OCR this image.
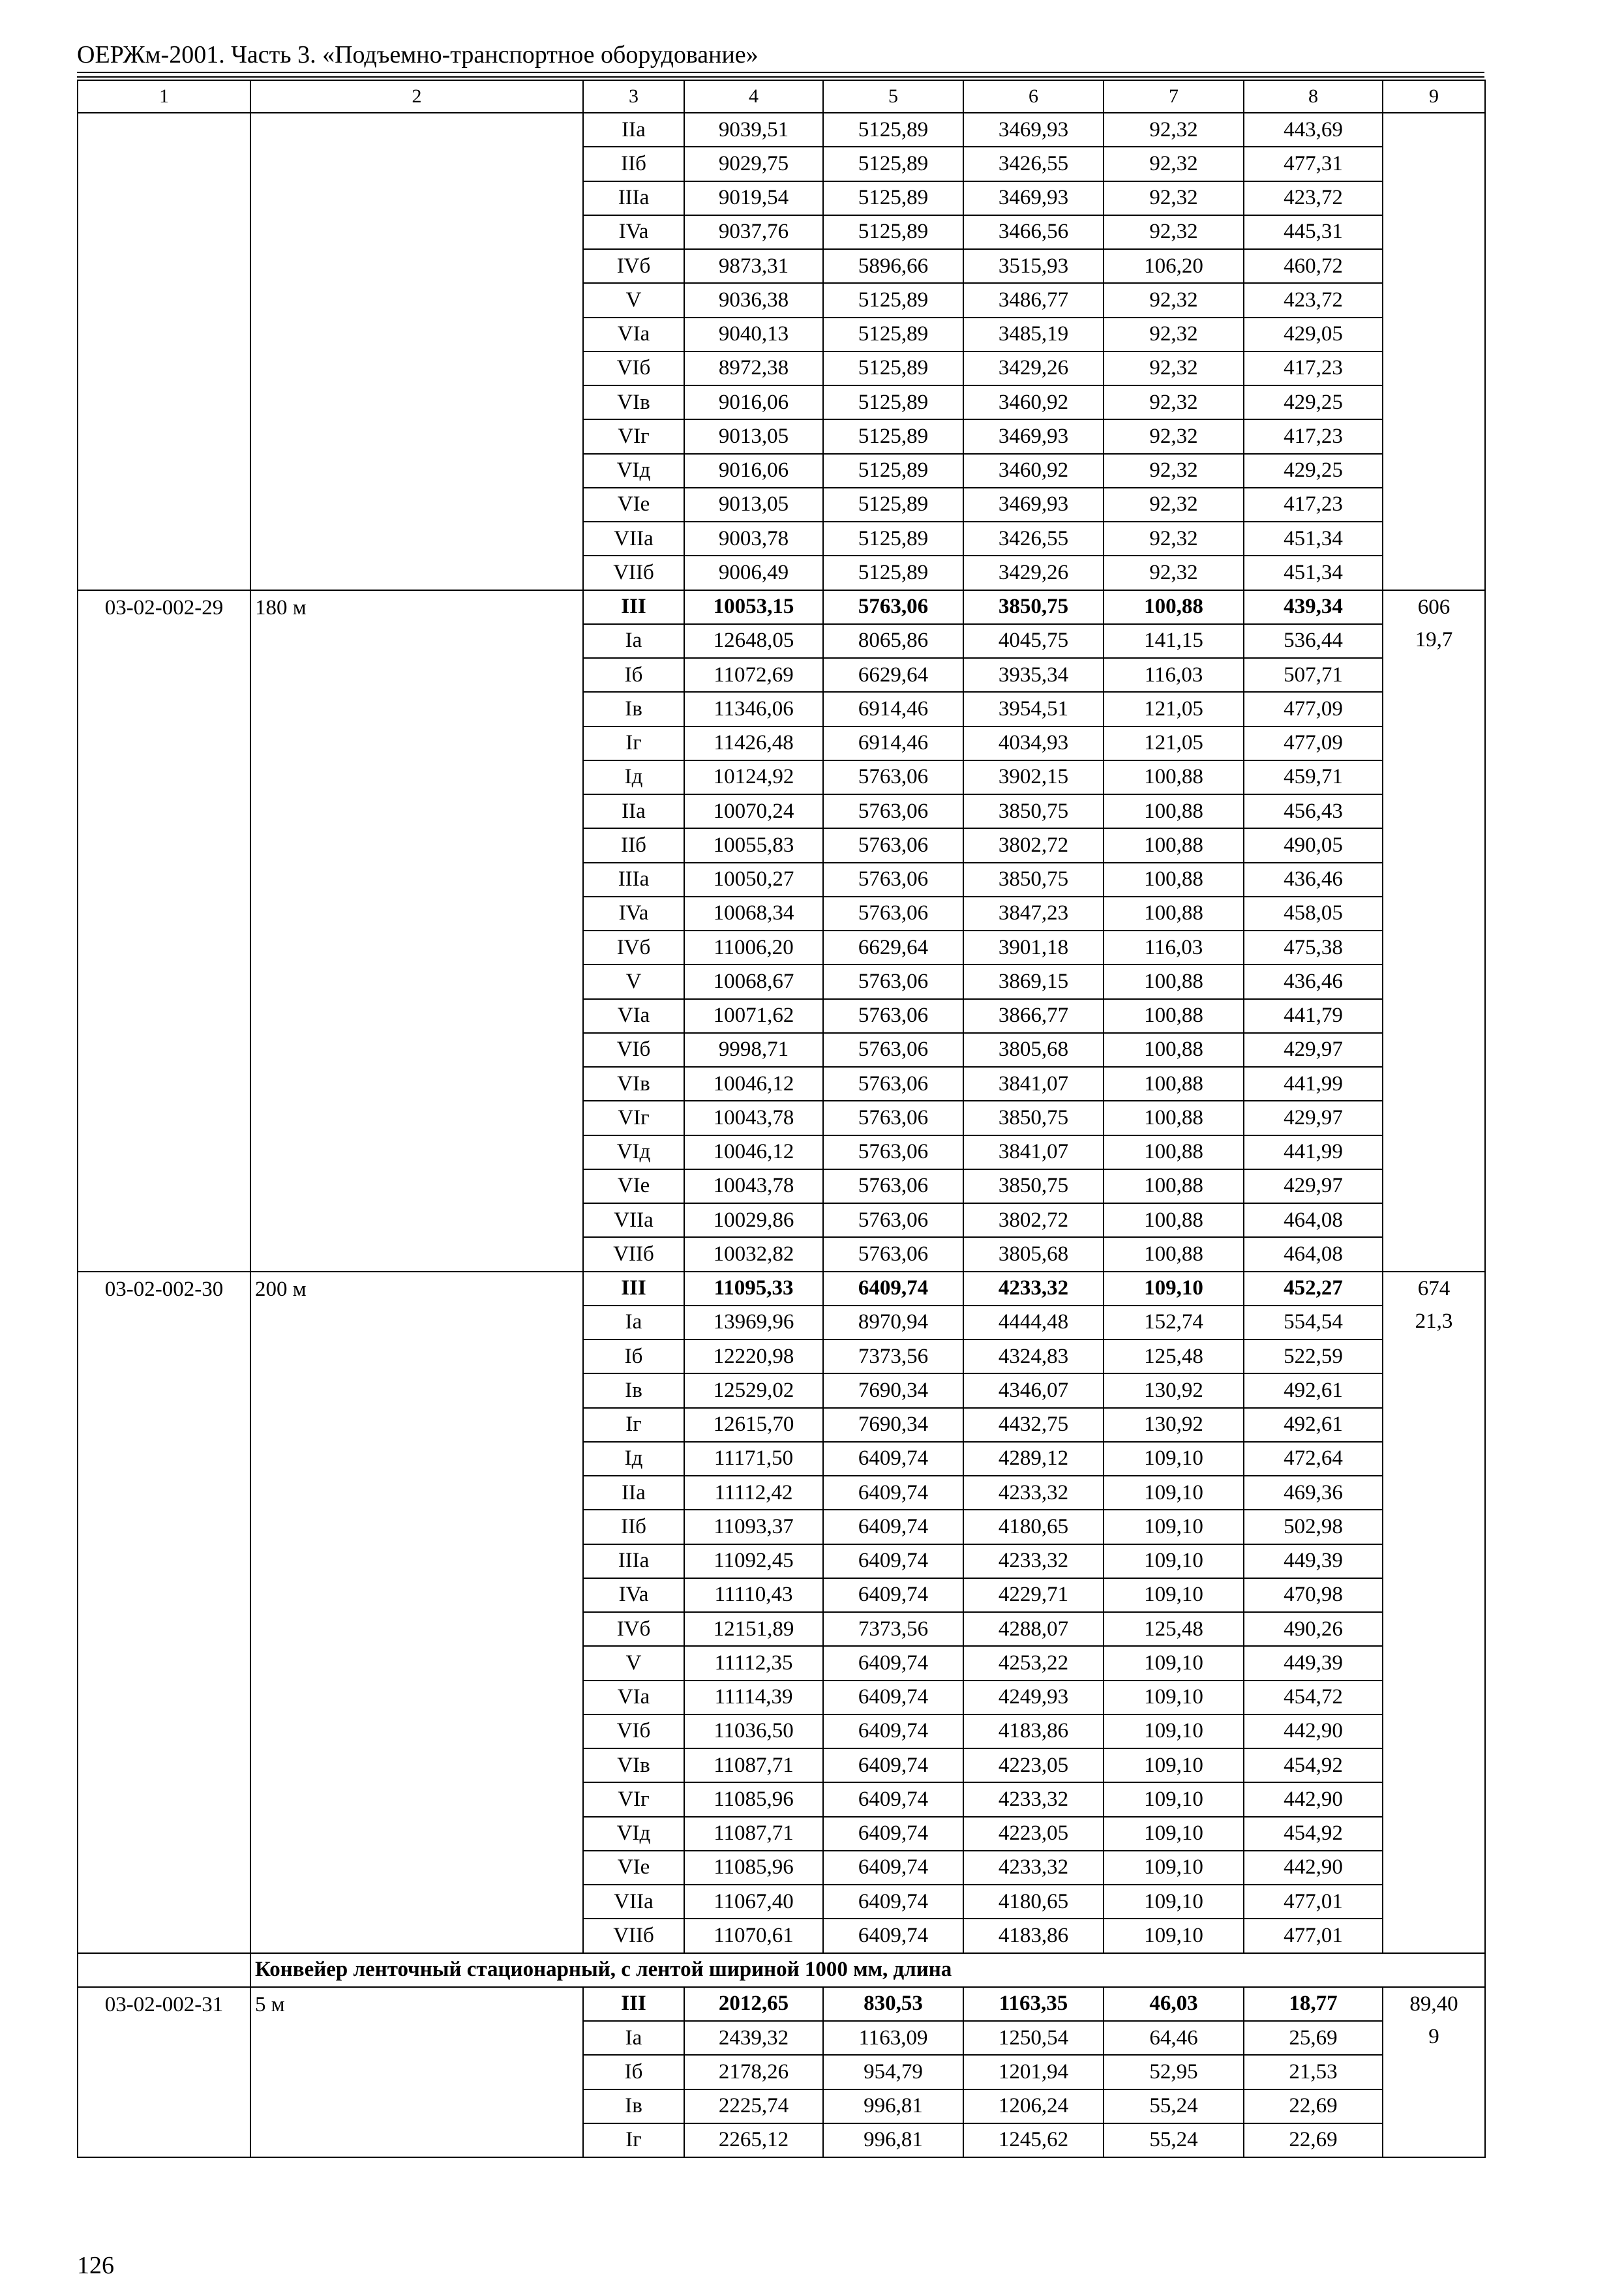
ОЕРЖм-2001. Часть 3. «Подъемно-транспортное оборудование»
1	2	3	4	5	6	7	8	9
		IIa	9039,51	5125,89	3469,93	92,32	443,69	
		IIб	9029,75	5125,89	3426,55	92,32	477,31	
		IIIa	9019,54	5125,89	3469,93	92,32	423,72	
		IVa	9037,76	5125,89	3466,56	92,32	445,31	
		IVб	9873,31	5896,66	3515,93	106,20	460,72	
		V	9036,38	5125,89	3486,77	92,32	423,72	
		VIa	9040,13	5125,89	3485,19	92,32	429,05	
		VIб	8972,38	5125,89	3429,26	92,32	417,23	
		VIв	9016,06	5125,89	3460,92	92,32	429,25	
		VIг	9013,05	5125,89	3469,93	92,32	417,23	
		VIд	9016,06	5125,89	3460,92	92,32	429,25	
		VIe	9013,05	5125,89	3469,93	92,32	417,23	
		VIIa	9003,78	5125,89	3426,55	92,32	451,34	
		VIIб	9006,49	5125,89	3429,26	92,32	451,34	
03-02-002-29	180 м	III	10053,15	5763,06	3850,75	100,88	439,34	606
19,7

		Ia	12648,05	8065,86	4045,75	141,15	536,44	
		Iб	11072,69	6629,64	3935,34	116,03	507,71	
		Iв	11346,06	6914,46	3954,51	121,05	477,09	
		Iг	11426,48	6914,46	4034,93	121,05	477,09	
		Iд	10124,92	5763,06	3902,15	100,88	459,71	
		IIa	10070,24	5763,06	3850,75	100,88	456,43	
		IIб	10055,83	5763,06	3802,72	100,88	490,05	
		IIIa	10050,27	5763,06	3850,75	100,88	436,46	
		IVa	10068,34	5763,06	3847,23	100,88	458,05	
		IVб	11006,20	6629,64	3901,18	116,03	475,38	
		V	10068,67	5763,06	3869,15	100,88	436,46	
		VIa	10071,62	5763,06	3866,77	100,88	441,79	
		VIб	9998,71	5763,06	3805,68	100,88	429,97	
		VIв	10046,12	5763,06	3841,07	100,88	441,99	
		VIг	10043,78	5763,06	3850,75	100,88	429,97	
		VIд	10046,12	5763,06	3841,07	100,88	441,99	
		VIe	10043,78	5763,06	3850,75	100,88	429,97	
		VIIa	10029,86	5763,06	3802,72	100,88	464,08	
		VIIб	10032,82	5763,06	3805,68	100,88	464,08	
03-02-002-30	200 м	III	11095,33	6409,74	4233,32	109,10	452,27	674
21,3

		Ia	13969,96	8970,94	4444,48	152,74	554,54	
		Iб	12220,98	7373,56	4324,83	125,48	522,59	
		Iв	12529,02	7690,34	4346,07	130,92	492,61	
		Iг	12615,70	7690,34	4432,75	130,92	492,61	
		Iд	11171,50	6409,74	4289,12	109,10	472,64	
		IIa	11112,42	6409,74	4233,32	109,10	469,36	
		IIб	11093,37	6409,74	4180,65	109,10	502,98	
		IIIa	11092,45	6409,74	4233,32	109,10	449,39	
		IVa	11110,43	6409,74	4229,71	109,10	470,98	
		IVб	12151,89	7373,56	4288,07	125,48	490,26	
		V	11112,35	6409,74	4253,22	109,10	449,39	
		VIa	11114,39	6409,74	4249,93	109,10	454,72	
		VIб	11036,50	6409,74	4183,86	109,10	442,90	
		VIв	11087,71	6409,74	4223,05	109,10	454,92	
		VIг	11085,96	6409,74	4233,32	109,10	442,90	
		VIд	11087,71	6409,74	4223,05	109,10	454,92	
		VIe	11085,96	6409,74	4233,32	109,10	442,90	
		VIIa	11067,40	6409,74	4180,65	109,10	477,01	
		VIIб	11070,61	6409,74	4183,86	109,10	477,01	
	Конвейер ленточный стационарный, с лентой шириной 1000 мм, длина							
03-02-002-31	5 м	III	2012,65	830,53	1163,35	46,03	18,77	89,40
9

		Ia	2439,32	1163,09	1250,54	64,46	25,69	
		Iб	2178,26	954,79	1201,94	52,95	21,53	
		Iв	2225,74	996,81	1206,24	55,24	22,69	
		Iг	2265,12	996,81	1245,62	55,24	22,69	
126
